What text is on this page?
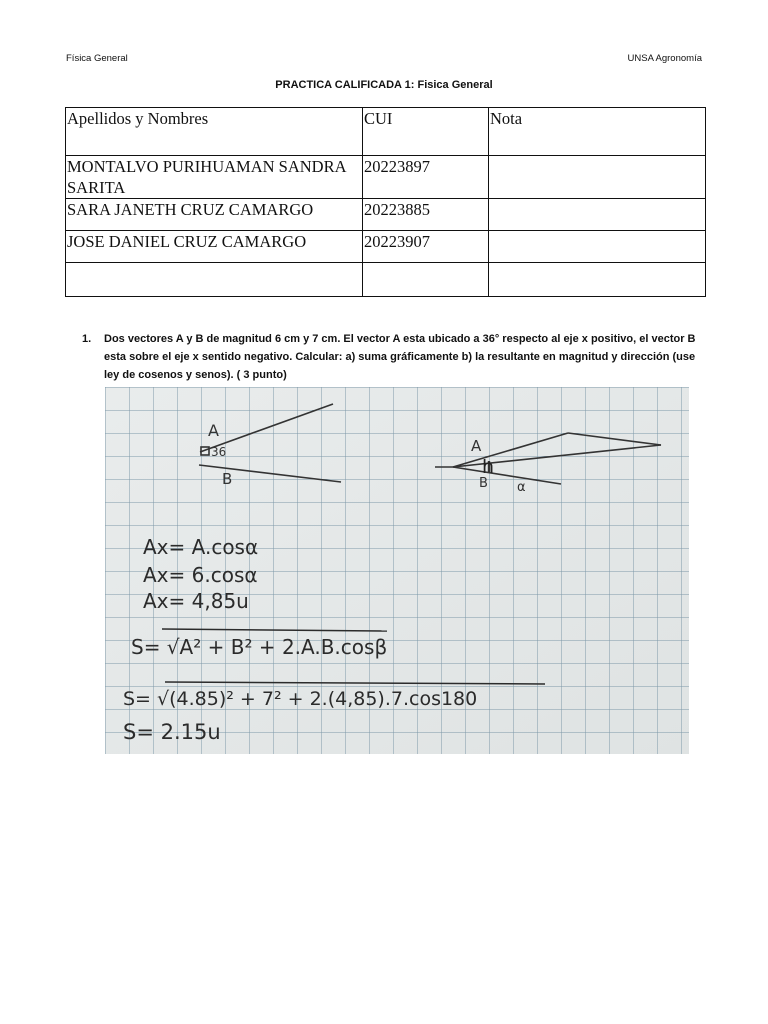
Física General	UNSA Agronomía
PRACTICA CALIFICADA 1: Fisica General
Apellidos y Nombres	CUI	Nota
MONTALVO PURIHUAMAN SANDRA SARITA	20223897	
SARA JANETH CRUZ CAMARGO	20223885	
JOSE DANIEL CRUZ CAMARGO	20223907	

1. Dos vectores A y B de magnitud 6 cm y 7 cm. El vector A esta ubicado a 36° respecto al eje x positivo, el vector B esta sobre el eje x sentido negativo. Calcular: a) suma gráficamente b) la resultante en magnitud y dirección (use ley de cosenos y senos). ( 3 punto)
A
36
B
A
h
B α
Ax= A.cosα
Ax= 6.cosα
Ax= 4,85u
S= √A² + B² + 2.A.B.cosβ
S= √(4.85)² + 7² + 2.(4,85).7.cos180
S= 2.15u
